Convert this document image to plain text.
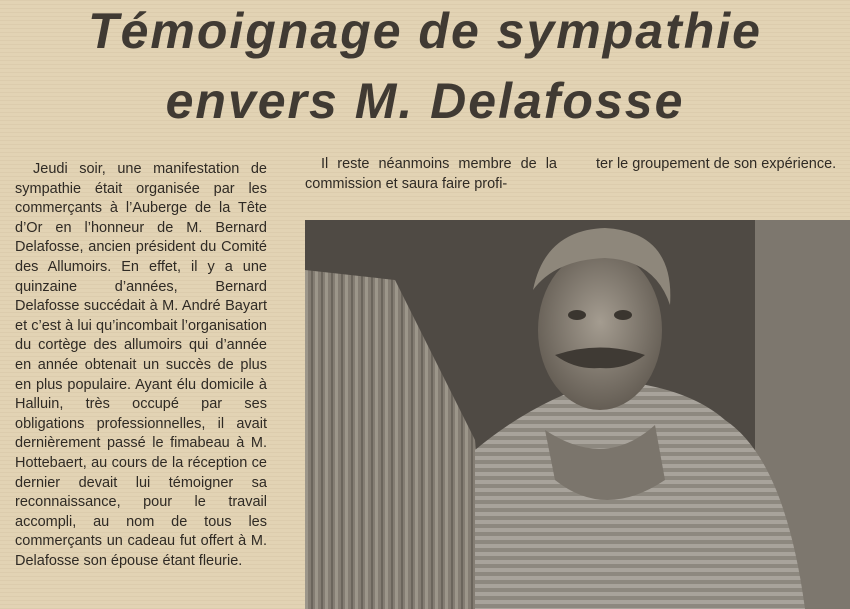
Témoignage de sympathie
envers M. Delafosse

Jeudi soir, une manifestation de sympathie était organisée par les commerçants à l’Auberge de la Tête d’Or en l’honneur de M. Bernard Delafosse, ancien président du Comité des Allumoirs. En effet, il y a une quinzaine d’années, Bernard Delafosse succédait à M. André Bayart et c’est à lui qu’incombait l’organisation du cortège des allumoirs qui d’année en année obtenait un succès de plus en plus populaire. Ayant élu domicile à Halluin, très occupé par ses obligations professionnelles, il avait dernièrement passé le fimabeau à M. Hottebaert, au cours de la réception ce dernier devait lui témoigner sa reconnaissance, pour le travail accompli, au nom de tous les commerçants un cadeau fut offert à M. Delafosse son épouse étant fleurie.

Il reste néanmoins membre de la commission et saura faire profi-

ter le groupement de son expérience.
